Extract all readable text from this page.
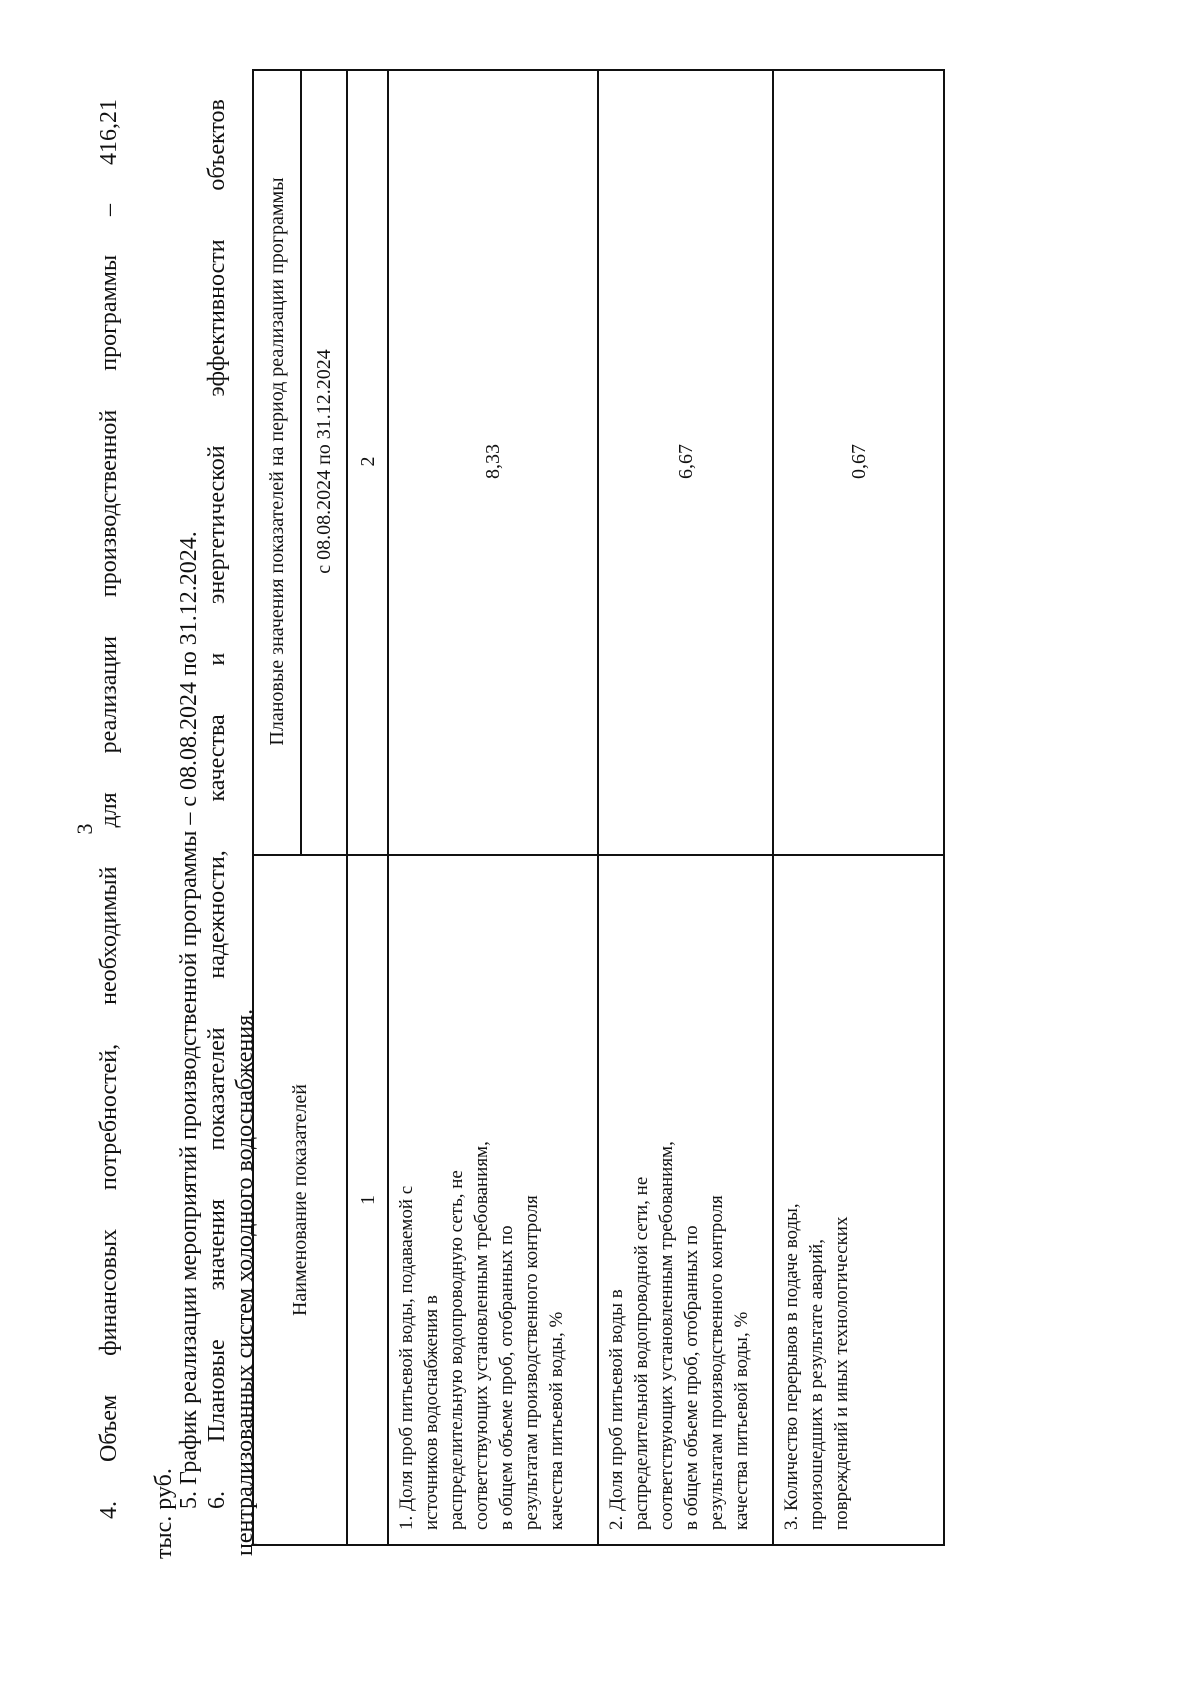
3
4.
Объем
финансовых
потребностей,
необходимый
для
реализации
производственной
программы
–
416,21
тыс. руб.
5. График реализации мероприятий производственной программы – с 08.08.2024 по 31.12.2024. 6.
Плановые
значения
показателей
надежности,
качества
и
энергетической
эффективности
объектов
централизованных систем холодного водоснабжения.	Наименование показателей
Плановые значения показателей на период реализации программы	с 08.08.2024 по 31.12.2024
1
2
1. Доля проб питьевой воды, подаваемой с источников водоснабжения в распределительную водопроводную сеть, не соответствующих установленным требованиям, в общем объеме проб, отобранных по результатам производственного контроля качества питьевой воды, %
8,33
2. Доля проб питьевой воды в распределительной водопроводной сети, не соответствующих установленным требованиям, в общем объеме проб, отобранных по результатам производственного контроля качества питьевой воды, %
6,67
3. Количество перерывов в подаче воды, произошедших в результате аварий, повреждений и иных технологических
0,67
